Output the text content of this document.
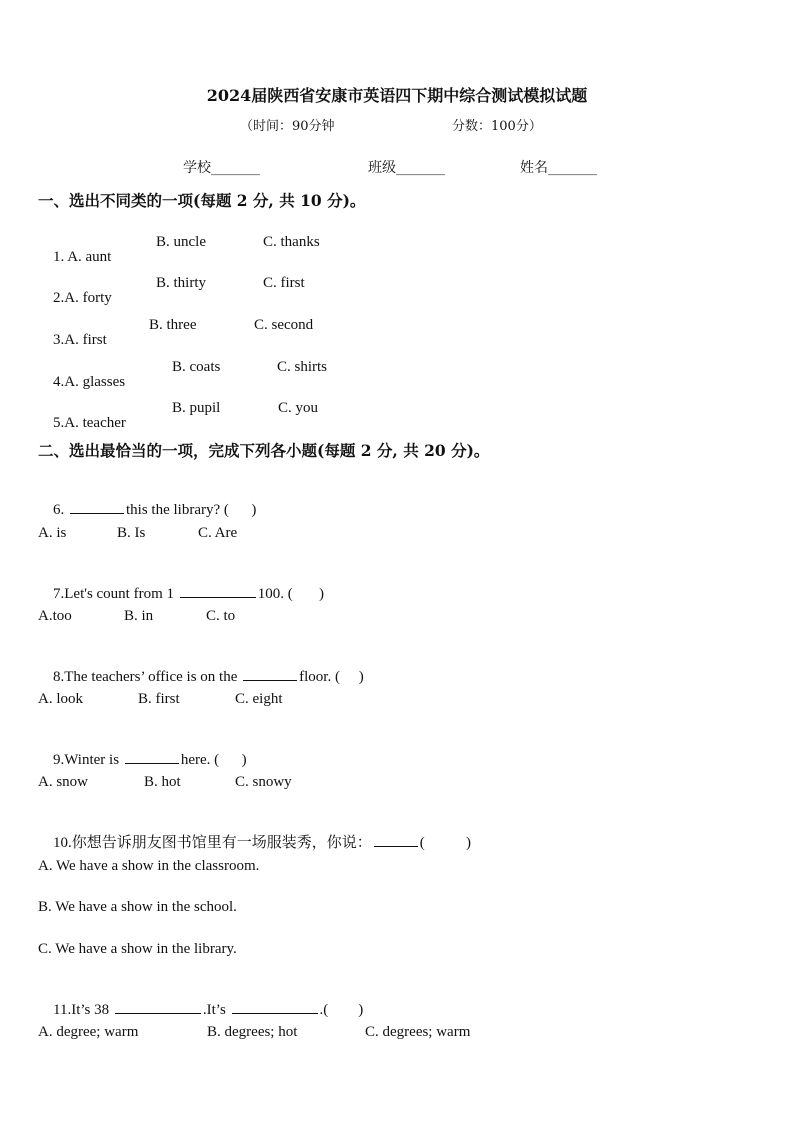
2024届陕西省安康市英语四下期中综合测试模拟试题
（时间：90分钟	分数：100分）
学校_______	班级_______	姓名_______
一、选出不同类的一项(每题 2 分, 共 10 分)。

1. A. aunt

B. uncle	C. thanks

2.A. forty

B. thirty	C. first

3.A. first

B. three	C. second

4.A. glasses

B. coats	C. shirts

5.A. teacher

B. pupil	C. you
二、选出最恰当的一项，完成下列各小题(每题 2 分, 共 20 分)。

6.	this the library? (      )

A. is	B. Is	C. Are

7.Let's count from 1	100. (       )

A.too	B. in	C. to

8.The teachers’ office is on the	floor. (     )

A. look	B. first	C. eight

9.Winter is	here. (      )

A. snow	B. hot	C. snowy

10.你想告诉朋友图书馆里有一场服装秀，你说：	(           )

A. We have a show in the classroom.
B. We have a show in the school.
C. We have a show in the library.

11.It’s 38	.It’s	.(        )

A. degree; warm	B. degrees; hot	C. degrees; warm
